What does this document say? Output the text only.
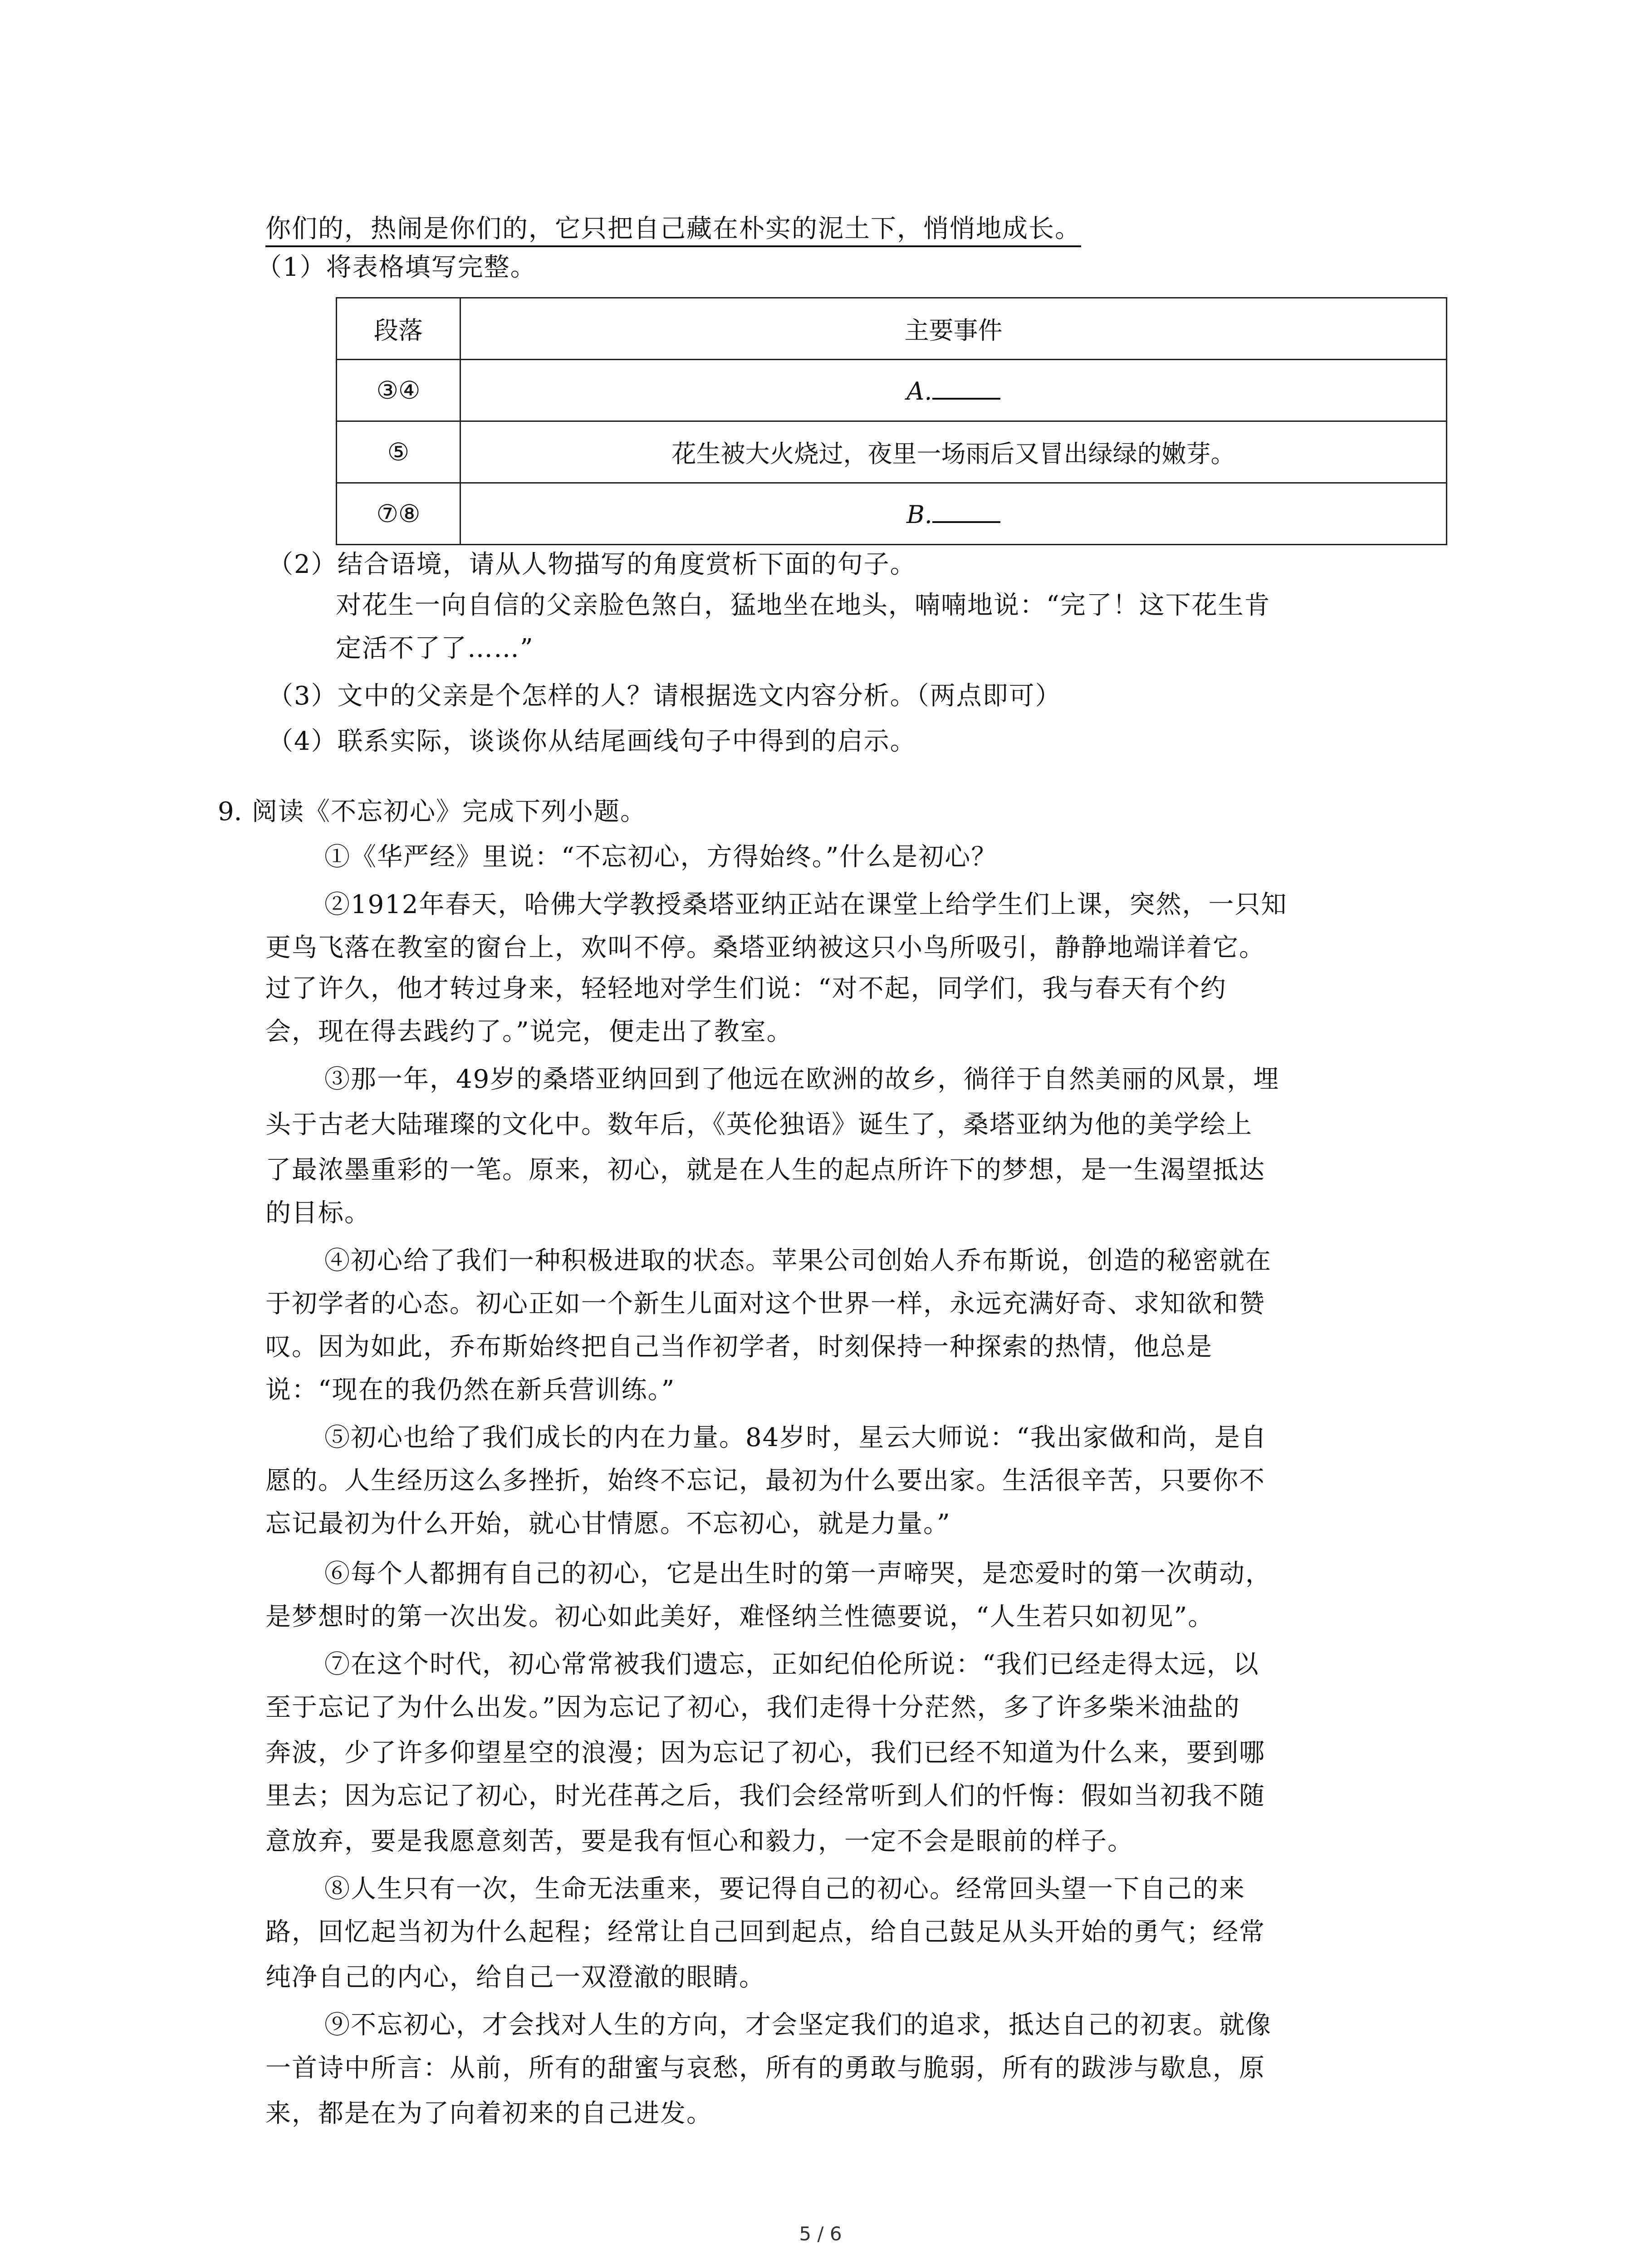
你们的，热闹是你们的，它只把自己藏在朴实的泥土下，悄悄地成长。
（1）将表格填写完整。
段落	主要事件
③④	A.
⑤	花生被大火烧过，夜里一场雨后又冒出绿绿的嫩芽。
⑦⑧	B.
（2）结合语境，请从人物描写的角度赏析下面的句子。
对花生一向自信的父亲脸色煞白，猛地坐在地头，喃喃地说：“完了！这下花生肯
定活不了了……”
（3）文中的父亲是个怎样的人？请根据选文内容分析。（两点即可）
（4）联系实际，谈谈你从结尾画线句子中得到的启示。
9. 阅读《不忘初心》完成下列小题。
①《华严经》里说：“不忘初心，方得始终。”什么是初心？
②1912年春天，哈佛大学教授桑塔亚纳正站在课堂上给学生们上课，突然，一只知
更鸟飞落在教室的窗台上，欢叫不停。桑塔亚纳被这只小鸟所吸引，静静地端详着它。
过了许久，他才转过身来，轻轻地对学生们说：“对不起，同学们，我与春天有个约
会，现在得去践约了。”说完，便走出了教室。
③那一年，49岁的桑塔亚纳回到了他远在欧洲的故乡，徜徉于自然美丽的风景，埋
头于古老大陆璀璨的文化中。数年后，《英伦独语》诞生了，桑塔亚纳为他的美学绘上
了最浓墨重彩的一笔。原来，初心，就是在人生的起点所许下的梦想，是一生渴望抵达
的目标。
④初心给了我们一种积极进取的状态。苹果公司创始人乔布斯说，创造的秘密就在
于初学者的心态。初心正如一个新生儿面对这个世界一样，永远充满好奇、求知欲和赞
叹。因为如此，乔布斯始终把自己当作初学者，时刻保持一种探索的热情，他总是
说：“现在的我仍然在新兵营训练。”
⑤初心也给了我们成长的内在力量。84岁时，星云大师说：“我出家做和尚，是自
愿的。人生经历这么多挫折，始终不忘记，最初为什么要出家。生活很辛苦，只要你不
忘记最初为什么开始，就心甘情愿。不忘初心，就是力量。”
⑥每个人都拥有自己的初心，它是出生时的第一声啼哭，是恋爱时的第一次萌动，
是梦想时的第一次出发。初心如此美好，难怪纳兰性德要说，“人生若只如初见”。
⑦在这个时代，初心常常被我们遗忘，正如纪伯伦所说：“我们已经走得太远，以
至于忘记了为什么出发。”因为忘记了初心，我们走得十分茫然，多了许多柴米油盐的
奔波，少了许多仰望星空的浪漫；因为忘记了初心，我们已经不知道为什么来，要到哪
里去；因为忘记了初心，时光荏苒之后，我们会经常听到人们的忏悔：假如当初我不随
意放弃，要是我愿意刻苦，要是我有恒心和毅力，一定不会是眼前的样子。
⑧人生只有一次，生命无法重来，要记得自己的初心。经常回头望一下自己的来
路，回忆起当初为什么起程；经常让自己回到起点，给自己鼓足从头开始的勇气；经常
纯净自己的内心，给自己一双澄澈的眼睛。
⑨不忘初心，才会找对人生的方向，才会坚定我们的追求，抵达自己的初衷。就像
一首诗中所言：从前，所有的甜蜜与哀愁，所有的勇敢与脆弱，所有的跋涉与歇息，原
来，都是在为了向着初来的自己进发。
5 / 6
